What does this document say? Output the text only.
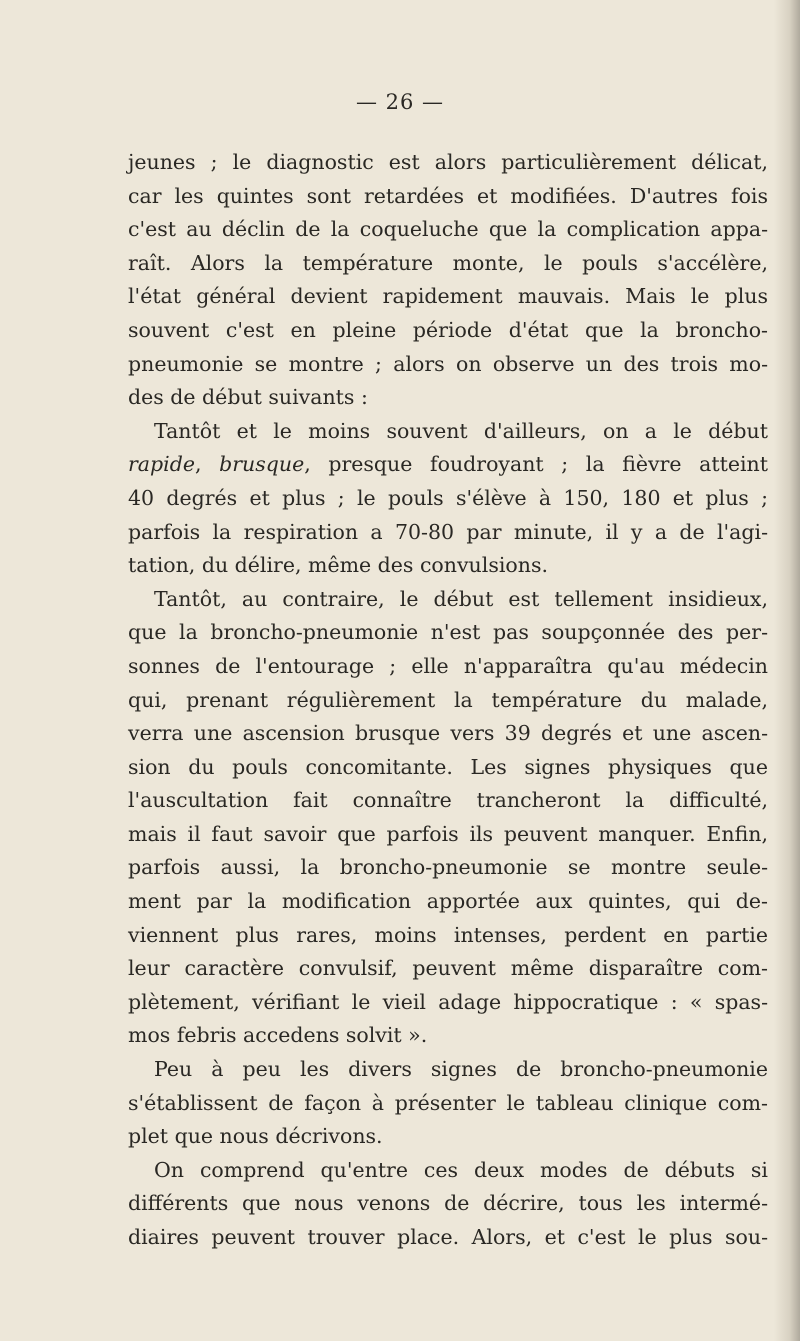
— 26 —
jeunes ; le diagnostic est alors particulièrement délicat,
car les quintes sont retardées et modifiées. D'autres fois
c'est au déclin de la coqueluche que la complication appa-
raît. Alors la température monte, le pouls s'accélère,
l'état général devient rapidement mauvais. Mais le plus
souvent c'est en pleine période d'état que la broncho-
pneumonie se montre ; alors on observe un des trois mo-
des de début suivants :
Tantôt et le moins souvent d'ailleurs, on a le début
rapide, brusque, presque foudroyant ; la fièvre atteint
40 degrés et plus ; le pouls s'élève à 150, 180 et plus ;
parfois la respiration a 70-80 par minute, il y a de l'agi-
tation, du délire, même des convulsions.
Tantôt, au contraire, le début est tellement insidieux,
que la broncho-pneumonie n'est pas soupçonnée des per-
sonnes de l'entourage ; elle n'apparaîtra qu'au médecin
qui, prenant régulièrement la température du malade,
verra une ascension brusque vers 39 degrés et une ascen-
sion du pouls concomitante. Les signes physiques que
l'auscultation fait connaître trancheront la difficulté,
mais il faut savoir que parfois ils peuvent manquer. Enfin,
parfois aussi, la broncho-pneumonie se montre seule-
ment par la modification apportée aux quintes, qui de-
viennent plus rares, moins intenses, perdent en partie
leur caractère convulsif, peuvent même disparaître com-
plètement, vérifiant le vieil adage hippocratique : « spas-
mos febris accedens solvit ».
Peu à peu les divers signes de broncho-pneumonie
s'établissent de façon à présenter le tableau clinique com-
plet que nous décrivons.
On comprend qu'entre ces deux modes de débuts si
différents que nous venons de décrire, tous les intermé-
diaires peuvent trouver place. Alors, et c'est le plus sou-
